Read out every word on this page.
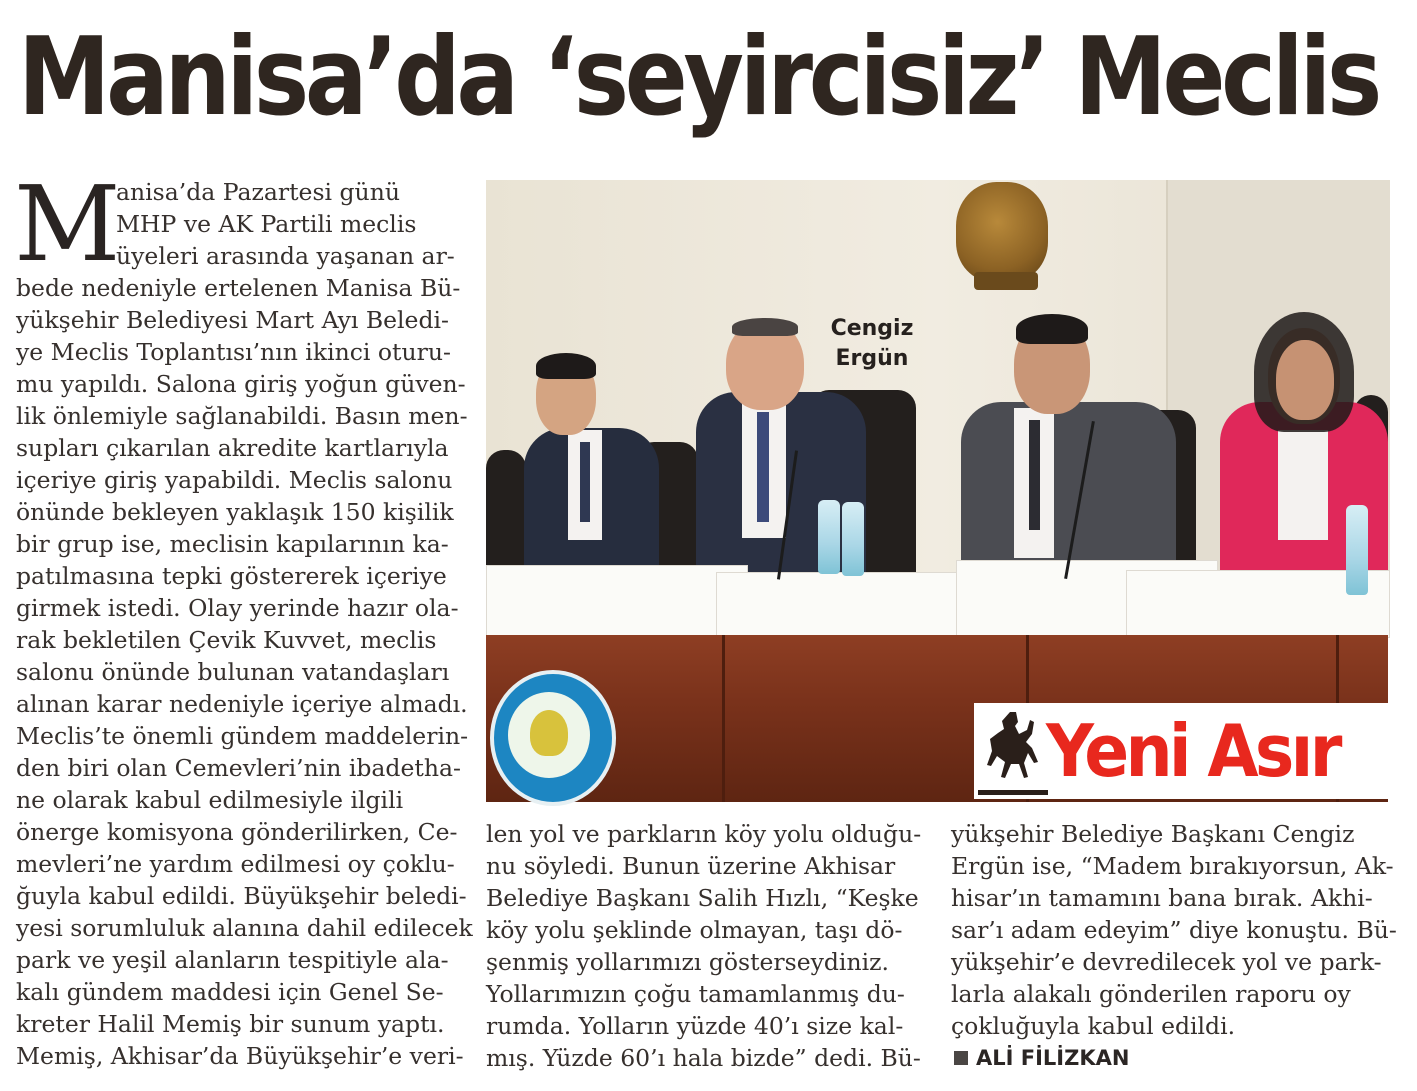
Manisa’da ‘seyircisiz’ Meclis
M
anisa’da Pazartesi günü
MHP ve AK Partili meclis
üyeleri arasında yaşanan ar-
bede nedeniyle ertelenen Manisa Bü-
yükşehir Belediyesi Mart Ayı Beledi-
ye Meclis Toplantısı’nın ikinci oturu-
mu yapıldı. Salona giriş yoğun güven-
lik önlemiyle sağlanabildi. Basın men-
supları çıkarılan akredite kartlarıyla
içeriye giriş yapabildi. Meclis salonu
önünde bekleyen yaklaşık 150 kişilik
bir grup ise, meclisin kapılarının ka-
patılmasına tepki göstererek içeriye
girmek istedi. Olay yerinde hazır ola-
rak bekletilen Çevik Kuvvet, meclis
salonu önünde bulunan vatandaşları
alınan karar nedeniyle içeriye almadı.
Meclis’te önemli gündem maddelerin-
den biri olan Cemevleri’nin ibadetha-
ne olarak kabul edilmesiyle ilgili
önerge komisyona gönderilirken, Ce-
mevleri’ne yardım edilmesi oy çoklu-
ğuyla kabul edildi. Büyükşehir beledi-
yesi sorumluluk alanına dahil edilecek
park ve yeşil alanların tespitiyle ala-
kalı gündem maddesi için Genel Se-
kreter Halil Memiş bir sunum yaptı.
Memiş, Akhisar’da Büyükşehir’e veri-
Cengiz
Ergün
Yeni Asır
len yol ve parkların köy yolu olduğu-
nu söyledi. Bunun üzerine Akhisar
Belediye Başkanı Salih Hızlı, “Keşke
köy yolu şeklinde olmayan, taşı dö-
şenmiş yollarımızı gösterseydiniz.
Yollarımızın çoğu tamamlanmış du-
rumda. Yolların yüzde 40’ı size kal-
mış. Yüzde 60’ı hala bizde” dedi. Bü-
yükşehir Belediye Başkanı Cengiz
Ergün ise, “Madem bırakıyorsun, Ak-
hisar’ın tamamını bana bırak. Akhi-
sar’ı adam edeyim” diye konuştu. Bü-
yükşehir’e devredilecek yol ve park-
larla alakalı gönderilen raporu oy
çokluğuyla kabul edildi.
ALİ FİLİZKAN
